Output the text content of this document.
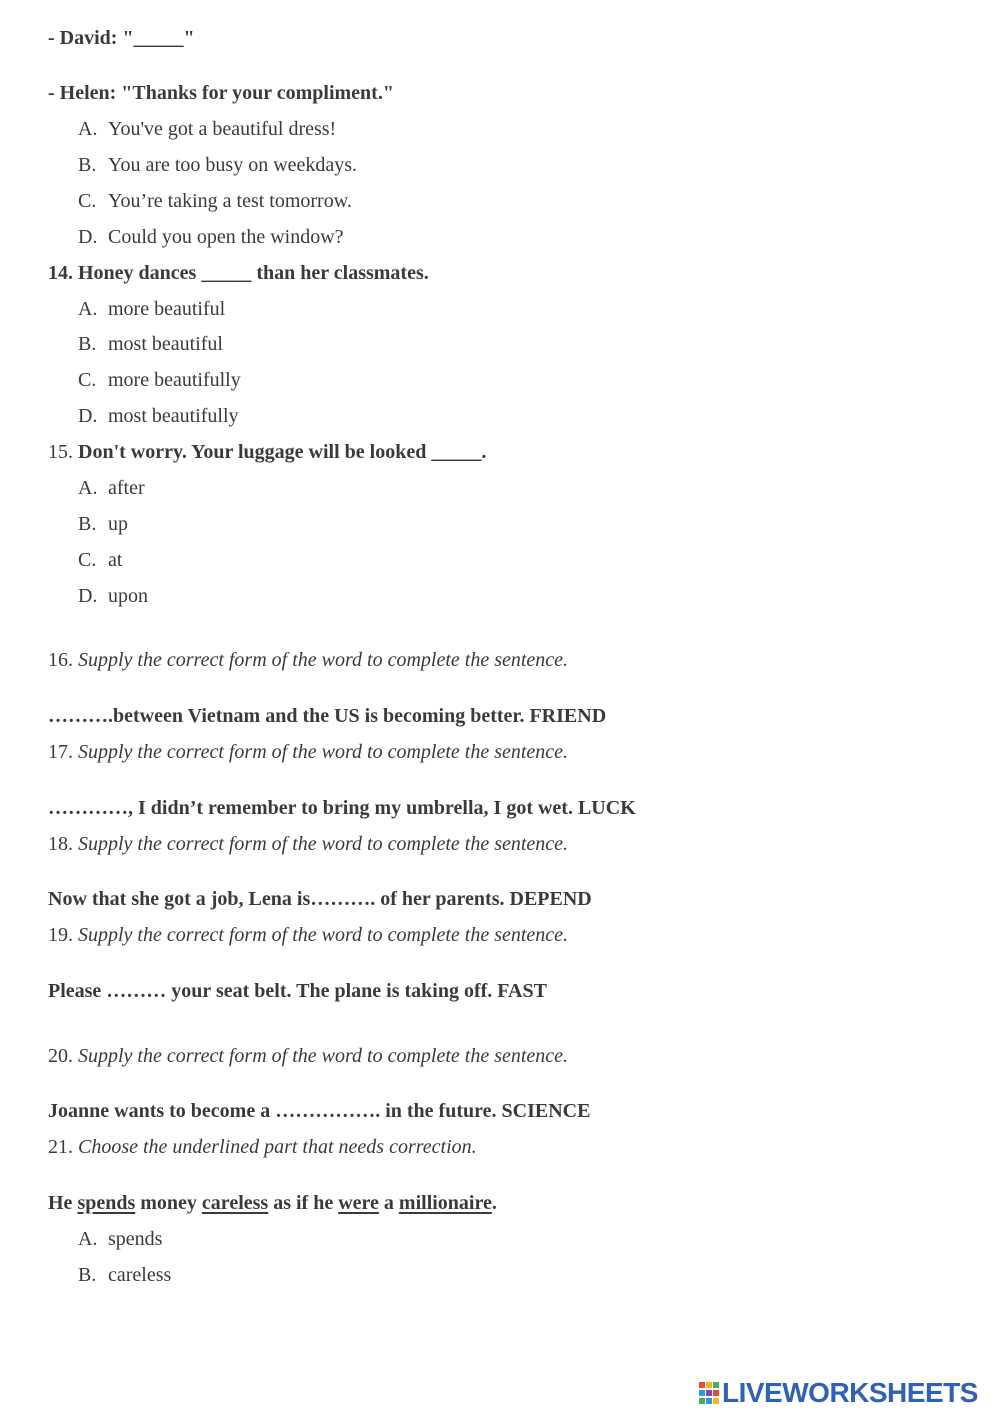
- David: "_____"
- Helen: "Thanks for your compliment."
A. You've got a beautiful dress!
B. You are too busy on weekdays.
C. You’re taking a test tomorrow.
D. Could you open the window?
14. Honey dances _____ than her classmates.
A. more beautiful
B. most beautiful
C. more beautifully
D. most beautifully
15. Don't worry. Your luggage will be looked _____.
A. after
B. up
C. at
D. upon
16. Supply the correct form of the word to complete the sentence.
……….between Vietnam and the US is becoming better. FRIEND
17. Supply the correct form of the word to complete the sentence.
…………, I didn’t remember to bring my umbrella, I got wet. LUCK
18. Supply the correct form of the word to complete the sentence.
Now that she got a job, Lena is………. of her parents. DEPEND
19. Supply the correct form of the word to complete the sentence.
Please ……… your seat belt. The plane is taking off. FAST
20. Supply the correct form of the word to complete the sentence.
Joanne wants to become a ……………. in the future. SCIENCE
21. Choose the underlined part that needs correction.
He spends money careless as if he were a millionaire.
A. spends
B. careless
LIVEWORKSHEETS
